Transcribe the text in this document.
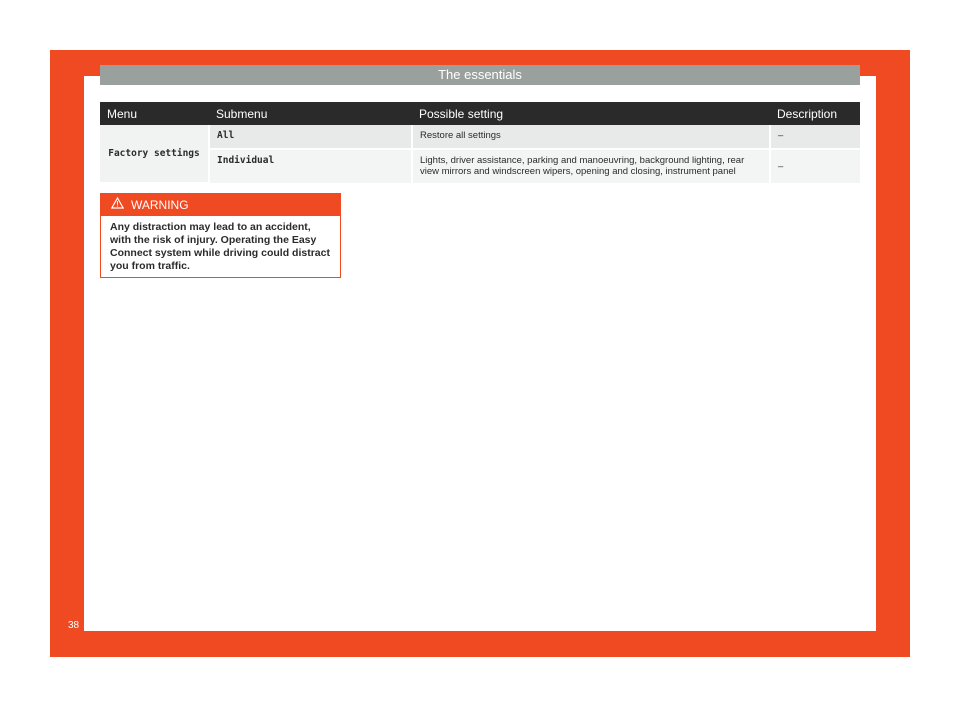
The essentials
Menu	Submenu	Possible setting	Description
Factory settings	All	Restore all settings	–
	Individual	Lights, driver assistance, parking and manoeuvring, background lighting, rear view mirrors and windscreen wipers, opening and closing, instrument panel	–
WARNING
Any distraction may lead to an accident, with the risk of injury. Operating the Easy Connect system while driving could distract you from traffic.
38
